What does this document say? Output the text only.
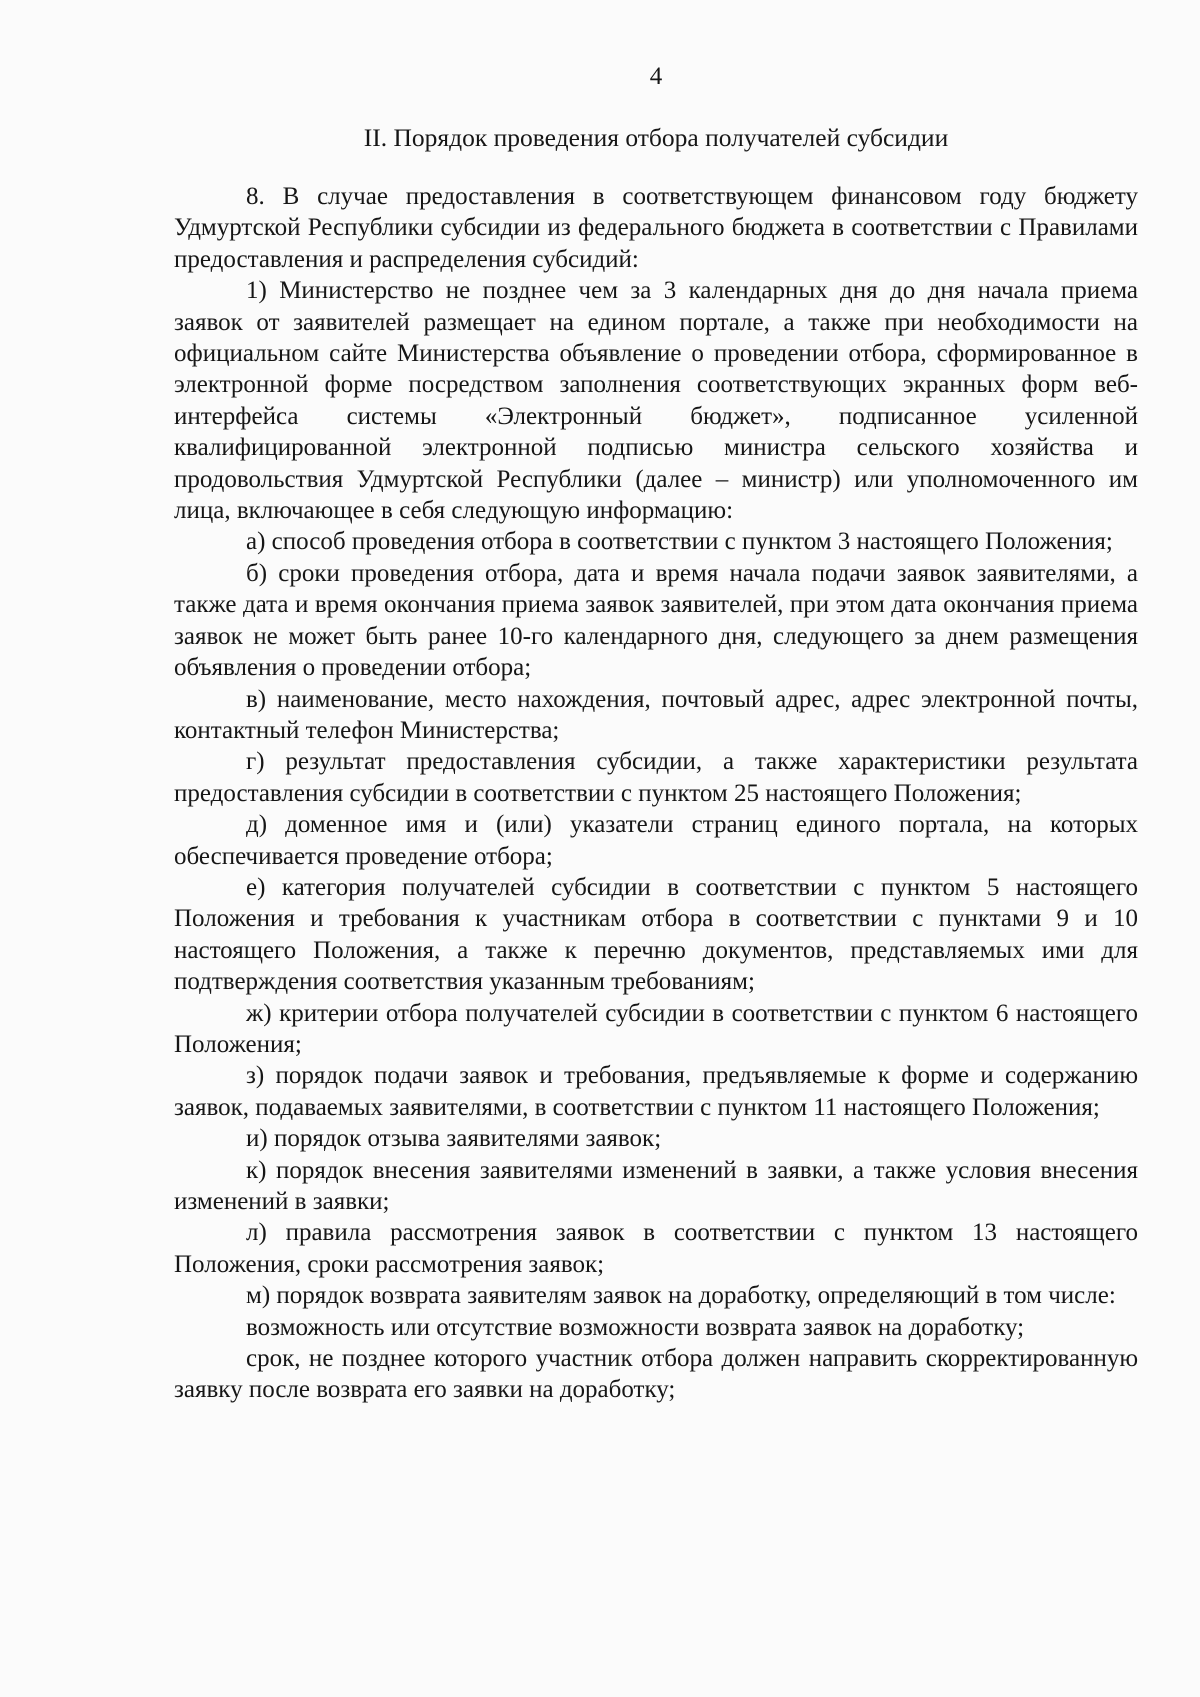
4
II. Порядок проведения отбора получателей субсидии

8. В случае предоставления в соответствующем финансовом году бюджету Удмуртской Республики субсидии из федерального бюджета в соответствии с Правилами предоставления и распределения субсидий:

1) Министерство не позднее чем за 3 календарных дня до дня начала приема заявок от заявителей размещает на едином портале, а также при необходимости на официальном сайте Министерства объявление о проведении отбора, сформированное в электронной форме посредством заполнения соответствующих экранных форм веб-интерфейса системы «Электронный бюджет», подписанное усиленной квалифицированной электронной подписью министра сельского хозяйства и продовольствия Удмуртской Республики (далее – министр) или уполномоченного им лица, включающее в себя следующую информацию:

а) способ проведения отбора в соответствии с пунктом 3 настоящего Положения;

б) сроки проведения отбора, дата и время начала подачи заявок заявителями, а также дата и время окончания приема заявок заявителей, при этом дата окончания приема заявок не может быть ранее 10-го календарного дня, следующего за днем размещения объявления о проведении отбора;

в) наименование, место нахождения, почтовый адрес, адрес электронной почты, контактный телефон Министерства;

г) результат предоставления субсидии, а также характеристики результата предоставления субсидии в соответствии с пунктом 25 настоящего Положения;

д) доменное имя и (или) указатели страниц единого портала, на которых обеспечивается проведение отбора;

е) категория получателей субсидии в соответствии с пунктом 5 настоящего Положения и требования к участникам отбора в соответствии с пунктами 9 и 10 настоящего Положения, а также к перечню документов, представляемых ими для подтверждения соответствия указанным требованиям;

ж) критерии отбора получателей субсидии в соответствии с пунктом 6 настоящего Положения;

з) порядок подачи заявок и требования, предъявляемые к форме и содержанию заявок, подаваемых заявителями, в соответствии с пунктом 11 настоящего Положения;

и) порядок отзыва заявителями заявок;

к) порядок внесения заявителями изменений в заявки, а также условия внесения изменений в заявки;

л) правила рассмотрения заявок в соответствии с пунктом 13 настоящего Положения, сроки рассмотрения заявок;

м) порядок возврата заявителям заявок на доработку, определяющий в том числе:

возможность или отсутствие возможности возврата заявок на доработку;

срок, не позднее которого участник отбора должен направить скорректированную заявку после возврата его заявки на доработку;
